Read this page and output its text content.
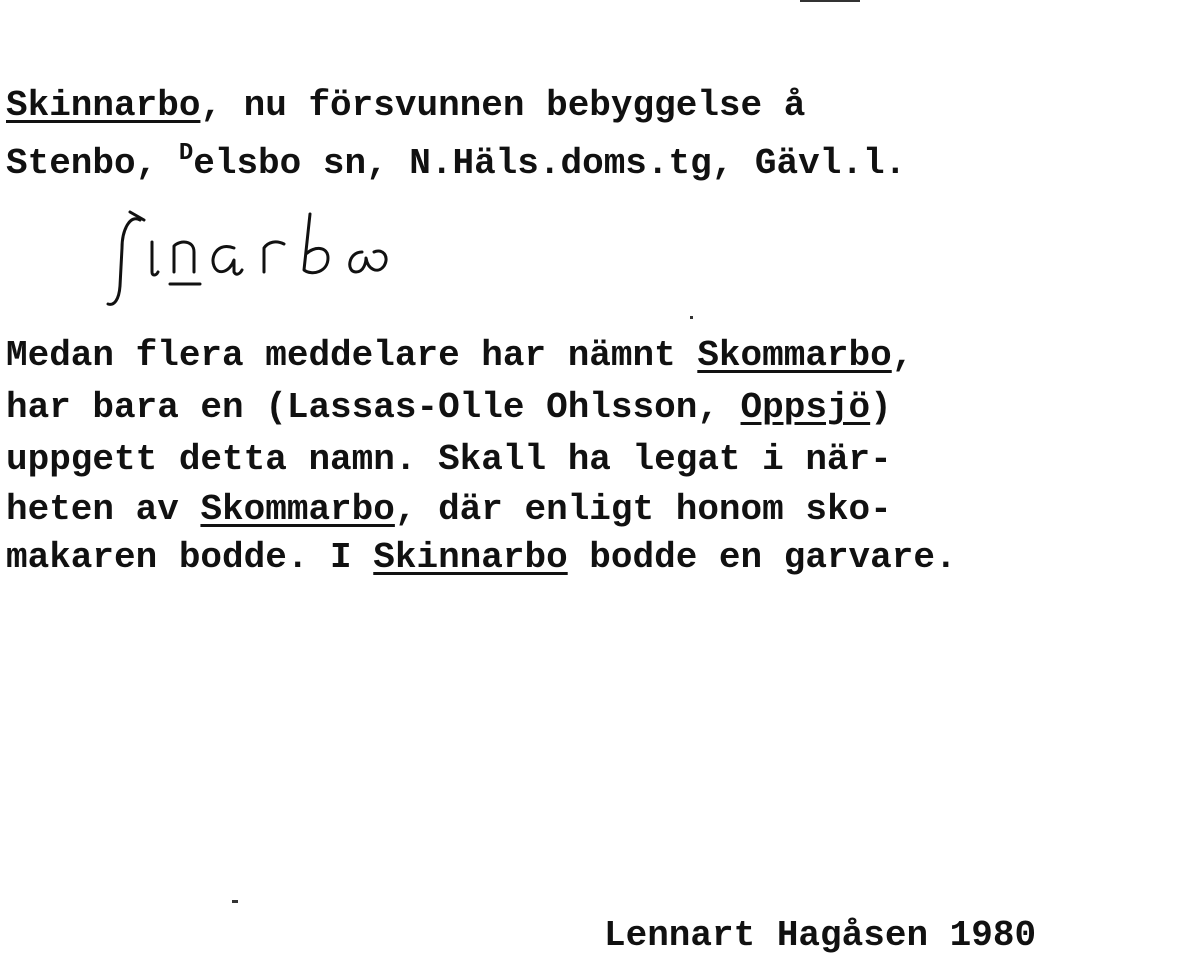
Skinnarbo, nu försvunnen bebyggelse å
Stenbo, $^D$elsbo sn, N.Häls.doms.tg, Gävl.l.
Medan flera meddelare har nämnt Skommarbo,
har bara en (Lassas-Olle Ohlsson, Oppsjö)
uppgett detta namn. Skall ha legat i när-
heten av Skommarbo, där enligt honom sko-
makaren bodde. I Skinnarbo bodde en garvare.
Lennart Hagåsen 1980
